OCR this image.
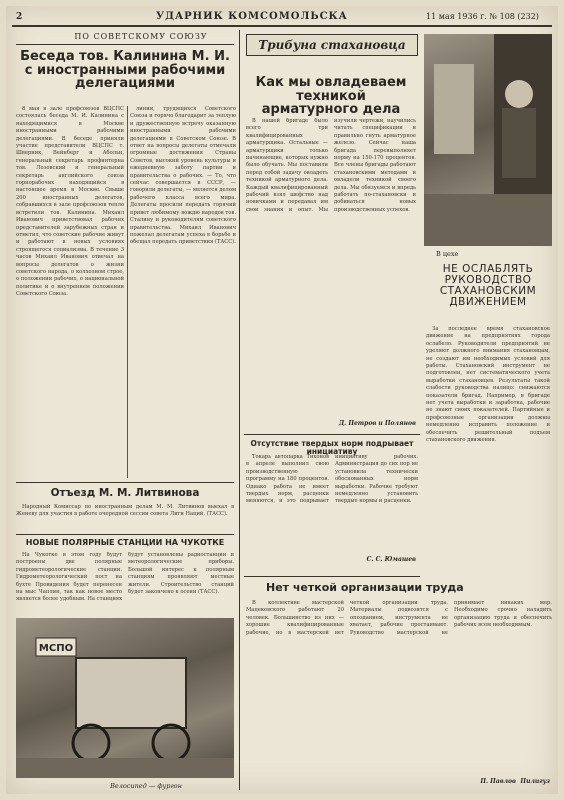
2	УДАРНИК КОМСОМОЛЬСКА	11 мая 1936 г. № 108 (232)
ПО СОВЕТСКОМУ СОЮЗУ
Беседа тов. Калинина М. И. с иностранными рабочими делегациями

8 мая в зале профсоюзов ВЦСПС состоялась беседа М. И. Калинина с находящимися в Москве иностранными рабочими делегациями. В беседе приняли участие представители ВЦСПС т. Шверник, Вейнберг и Абольн, генеральный секретарь профинтерна тов. Лозовский и генеральный секретарь английского союза горнорабочих находящийся в настоящее время в Москве. Свыше 200 иностранных делегатов, собравшихся в зале профсоюзов тепло встретили тов. Калинина. Михаил Иванович приветствовал рабочих представителей зарубежных стран и отметил, что советские рабочие живут и работают в новых условиях строящегося социализма. В течение 3 часов Михаил Иванович отвечал на вопросы делегатов о жизни советского народа, о колхозном строе, о положении рабочих, о национальной политике и о внутреннем положении Советского Союза.

линии, трудящихся Советского Союза и горячо благодарит за теплую и дружественную встречу оказанную иностранными рабочими делегациями в Советском Союзе. В ответ на вопросы делегаты отмечали огромные достижения Страны Советов, высокий уровень культуры и ежедневную заботу партии и правительства о рабочих. — То, что сейчас совершается в СССР, — говорили делегаты, — является делом рабочего класса всего мира. Делегаты просили передать горячий привет любимому вождю народов тов. Сталину и руководителям советского правительства. Михаил Иванович пожелал делегатам успеха в борьбе и обещал передать приветствия (ТАСС).

Отъезд М. М. Литвинова

Народный Комиссар по иностранным делам М. М. Литвинов выехал в Женеву для участия в работе очередной сессии совета Лиги Наций. (ТАСС).

НОВЫЕ ПОЛЯРНЫЕ СТАНЦИИ НА ЧУКОТКЕ

На Чукотке в этом году будут построены две полярные гидрометеорологические станции. Гидрометеорологический пост на бухте Провидения будет перенесен на мыс Чаплин, так как новое место является более удобным. На станциях будут установлены радиостанции и метеорологические приборы. Большой интерес к полярным станциям проявляют местные жители. Строительство станций будет закончено к осени (ТАСС).

МСПО
Велосипед — фургон
Трибуна стахановца
Как мы овладеваем техникой арматурного дела

В нашей бригаде было всего три квалифицированных арматурщика. Остальные — арматурщики только начинающие, которых нужно было обучать. Мы поставили перед собой задачу овладеть техникой арматурного дела. Каждый квалифицированный рабочий взял шефство над новичками и передавал им свои знания и опыт. Мы изучили чертежи, научились читать спецификации и правильно гнуть арматурное железо. Сейчас наша бригада перевыполняет норму на 150-170 процентов. Все члены бригады работают стахановскими методами и овладели техникой своего дела. Мы обязуемся и впредь работать по-стахановски и добиваться новых производственных успехов.

Д. Петров и Полянов
Отсутствие твердых норм подрывает инициативу

Токарь автопарка Тихонов в апреле выполнил свою производственную программу на 180 процентов. Однако работа не имеет твердых норм, расценки меняются, и это подрывает инициативу рабочих. Администрация до сих пор не установила технически обоснованных норм выработки. Рабочие требуют немедленно установить твердые нормы и расценки.

С. С. Юмашев
Нет четкой организации труда

В коллективе мастерской Мацекевского работают 20 человек. Большинство из них — хорошие квалифицированные рабочие, но в мастерской нет четкой организации труда. Материалы подвозятся с опозданием, инструмента не хватает, рабочие простаивают. Руководство мастерской не принимает никаких мер. Необходимо срочно наладить организацию труда и обеспечить рабочих всем необходимым.

П. Павлов
В цехе
НЕ ОСЛАБЛЯТЬ РУКОВОДСТВО СТАХАНОВСКИМ ДВИЖЕНИЕМ

За последнее время стахановское движение на предприятиях города ослабело. Руководители предприятий не уделяют должного внимания стахановцам, не создают им необходимых условий для работы. Стахановский инструмент не подготовлен, нет систематического учета выработки стахановцев. Результаты такой слабости руководства налицо: снижаются показатели бригад. Например, в бригаде нет учета выработки и заработка, рабочие не знают своих показателей. Партийные и профсоюзные организации должны немедленно исправить положение и обеспечить решительный подъем стахановского движения.

Пилигуз
